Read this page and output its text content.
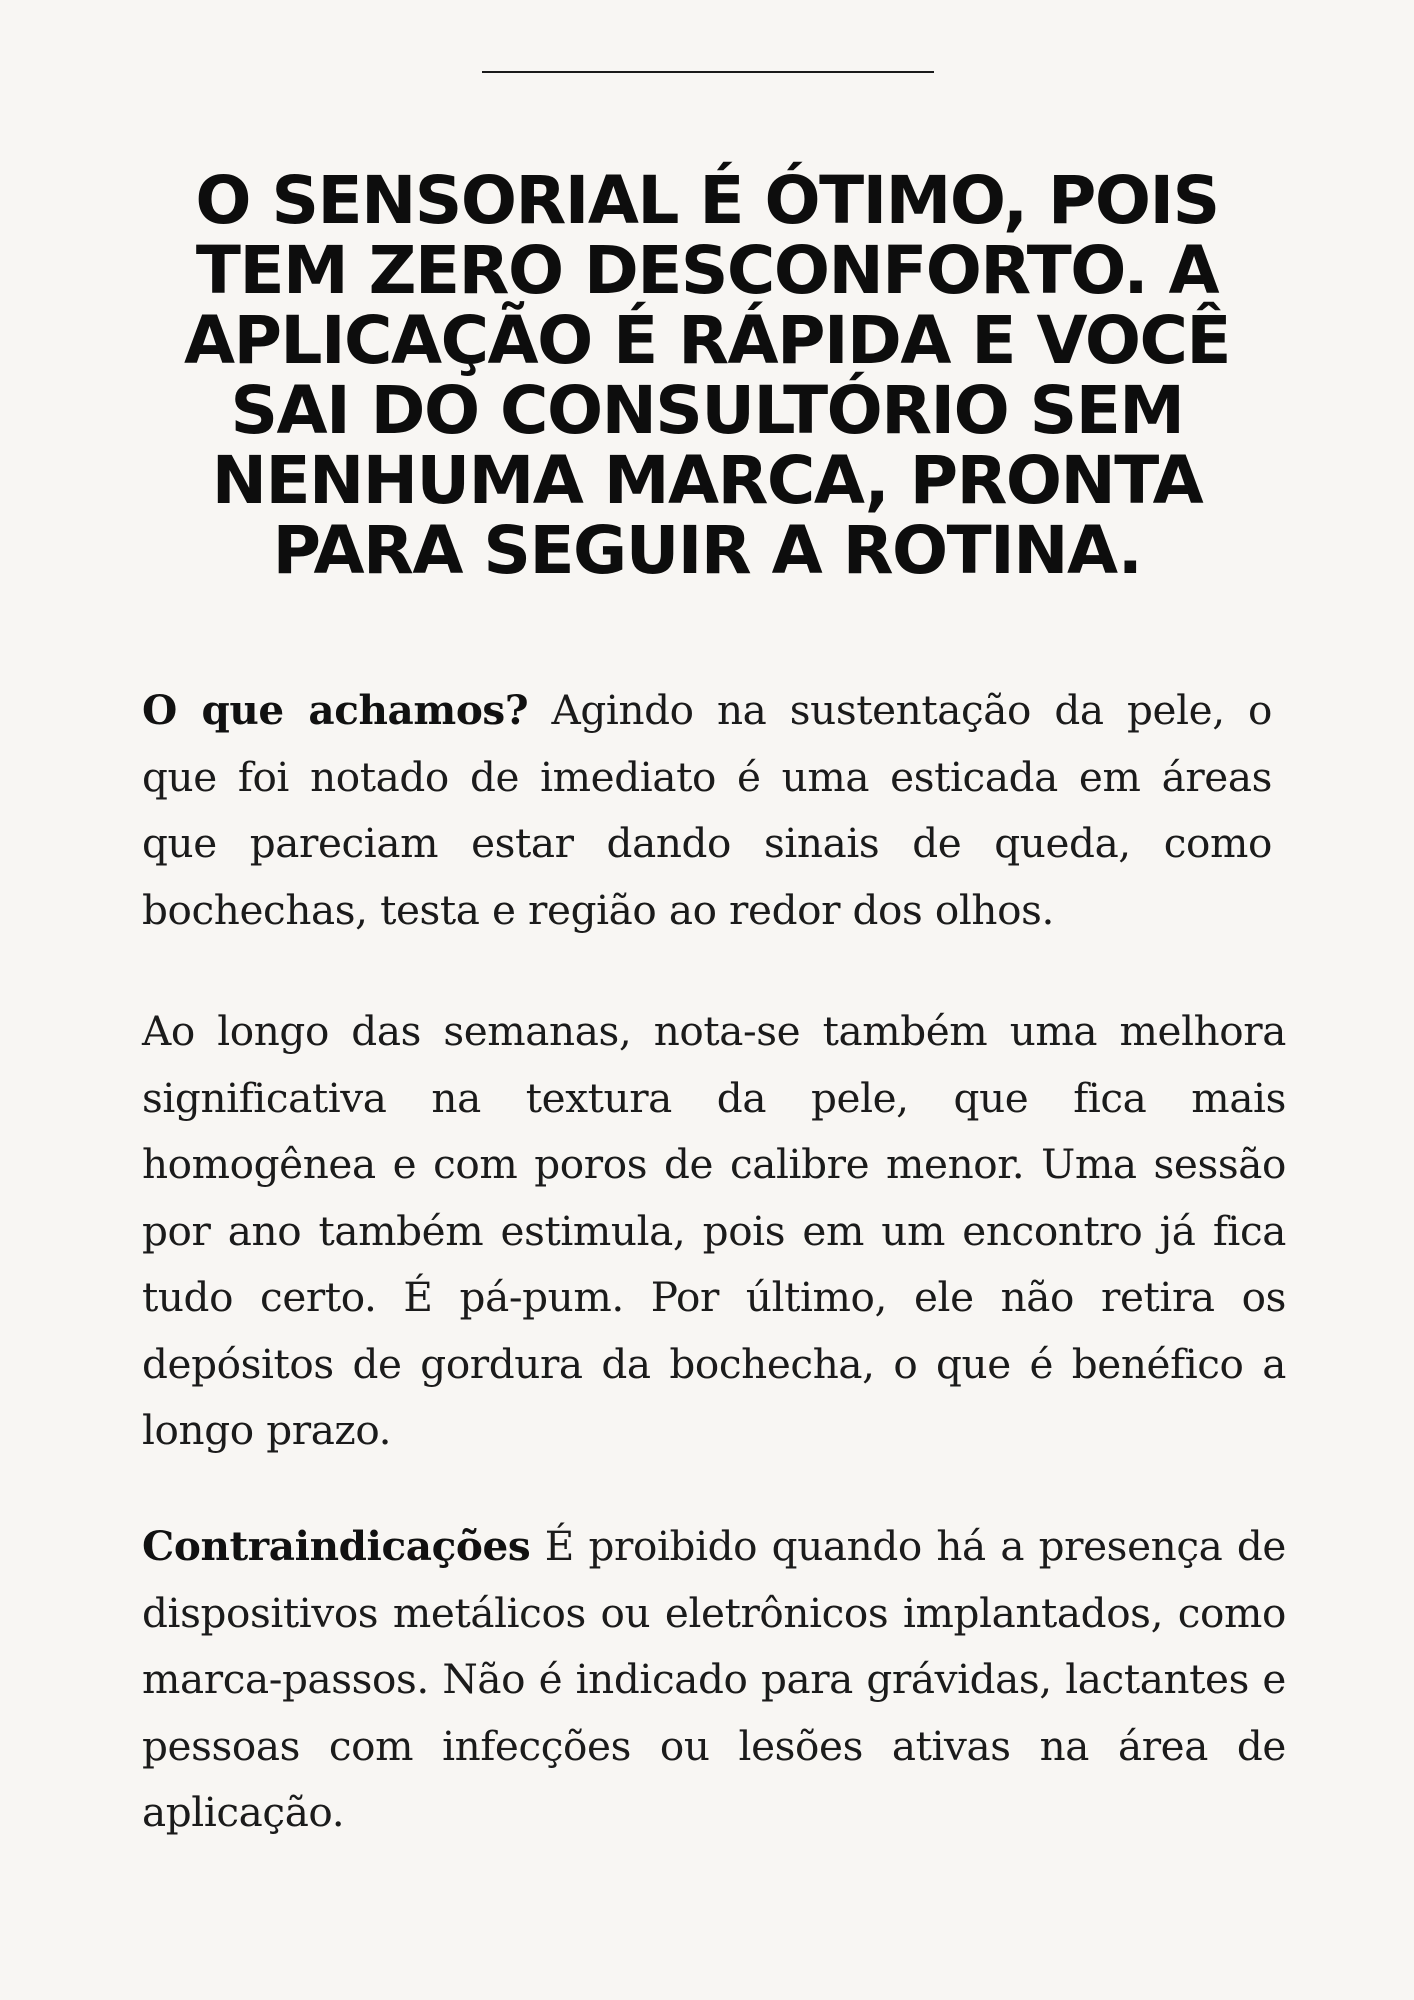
O SENSORIAL É ÓTIMO, POIS TEM ZERO DESCONFORTO. A APLICAÇÃO É RÁPIDA E VOCÊ SAI DO CONSULTÓRIO SEM NENHUMA MARCA, PRONTA PARA SEGUIR A ROTINA.

O que achamos? Agindo na sustentação da pele, o que foi notado de imediato é uma esticada em áreas que pareciam estar dando sinais de queda, como bochechas, testa e região ao redor dos olhos.

Ao longo das semanas, nota-se também uma melhora significativa na textura da pele, que fica mais homogênea e com poros de calibre menor. Uma sessão por ano também estimula, pois em um encontro já fica tudo certo. É pá-pum. Por último, ele não retira os depósitos de gordura da bochecha, o que é benéfico a longo prazo.

Contraindicações É proibido quando há a presença de dispositivos metálicos ou eletrônicos implantados, como marca-passos. Não é indicado para grávidas, lactantes e pessoas com infecções ou lesões ativas na área de aplicação.
